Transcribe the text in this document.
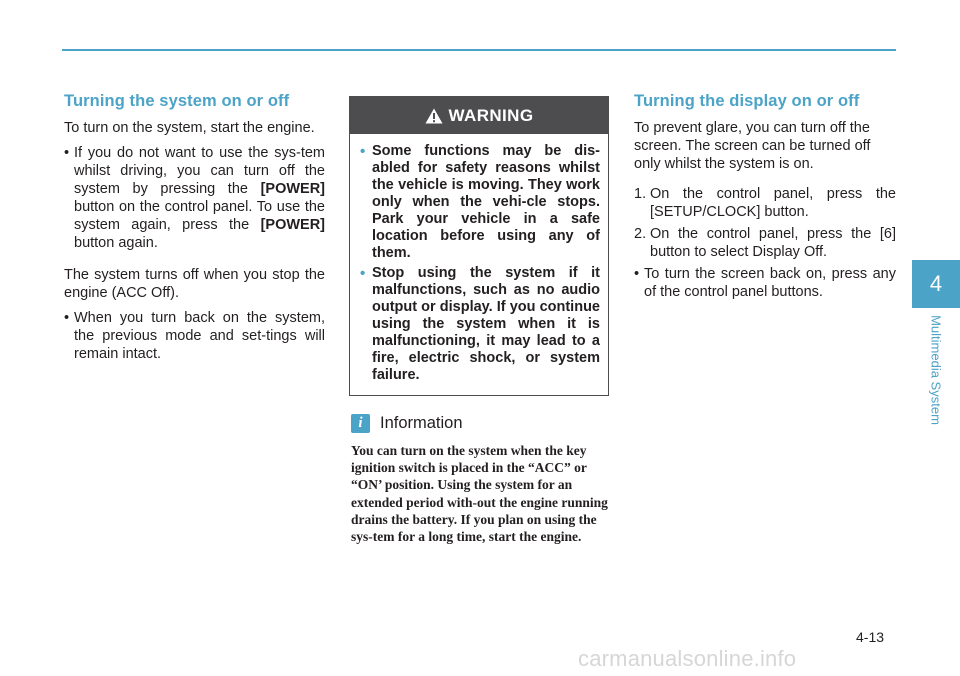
Turning the system on or off

To turn on the system, start the engine.

• If you do not want to use the sys-tem whilst driving, you can turn off the system by pressing the [POWER] button on the control panel. To use the system again, press the [POWER] button again.

The system turns off when you stop the engine (ACC Off).

• When you turn back on the system, the previous mode and set-tings will remain intact.
WARNING
• Some functions may be dis-abled for safety reasons whilst the vehicle is moving. They work only when the vehi-cle stops. Park your vehicle in a safe location before using any of them.
• Stop using the system if it malfunctions, such as no audio output or display. If you continue using the system when it is malfunctioning, it may lead to a fire, electric shock, or system failure.
i	Information
You can turn on the system when the key ignition switch is placed in the “ACC” or “ON’ position. Using the system for an extended period with-out the engine running drains the battery. If you plan on using the sys-tem for a long time, start the engine.
Turning the display on or off

To prevent glare, you can turn off the screen. The screen can be turned off only whilst the system is on.

1. On the control panel, press the [SETUP/CLOCK] button.
2. On the control panel, press the [6] button to select Display Off.
• To turn the screen back on, press any of the control panel buttons.	4
Multimedia System
4-13
carmanualsonline.info
